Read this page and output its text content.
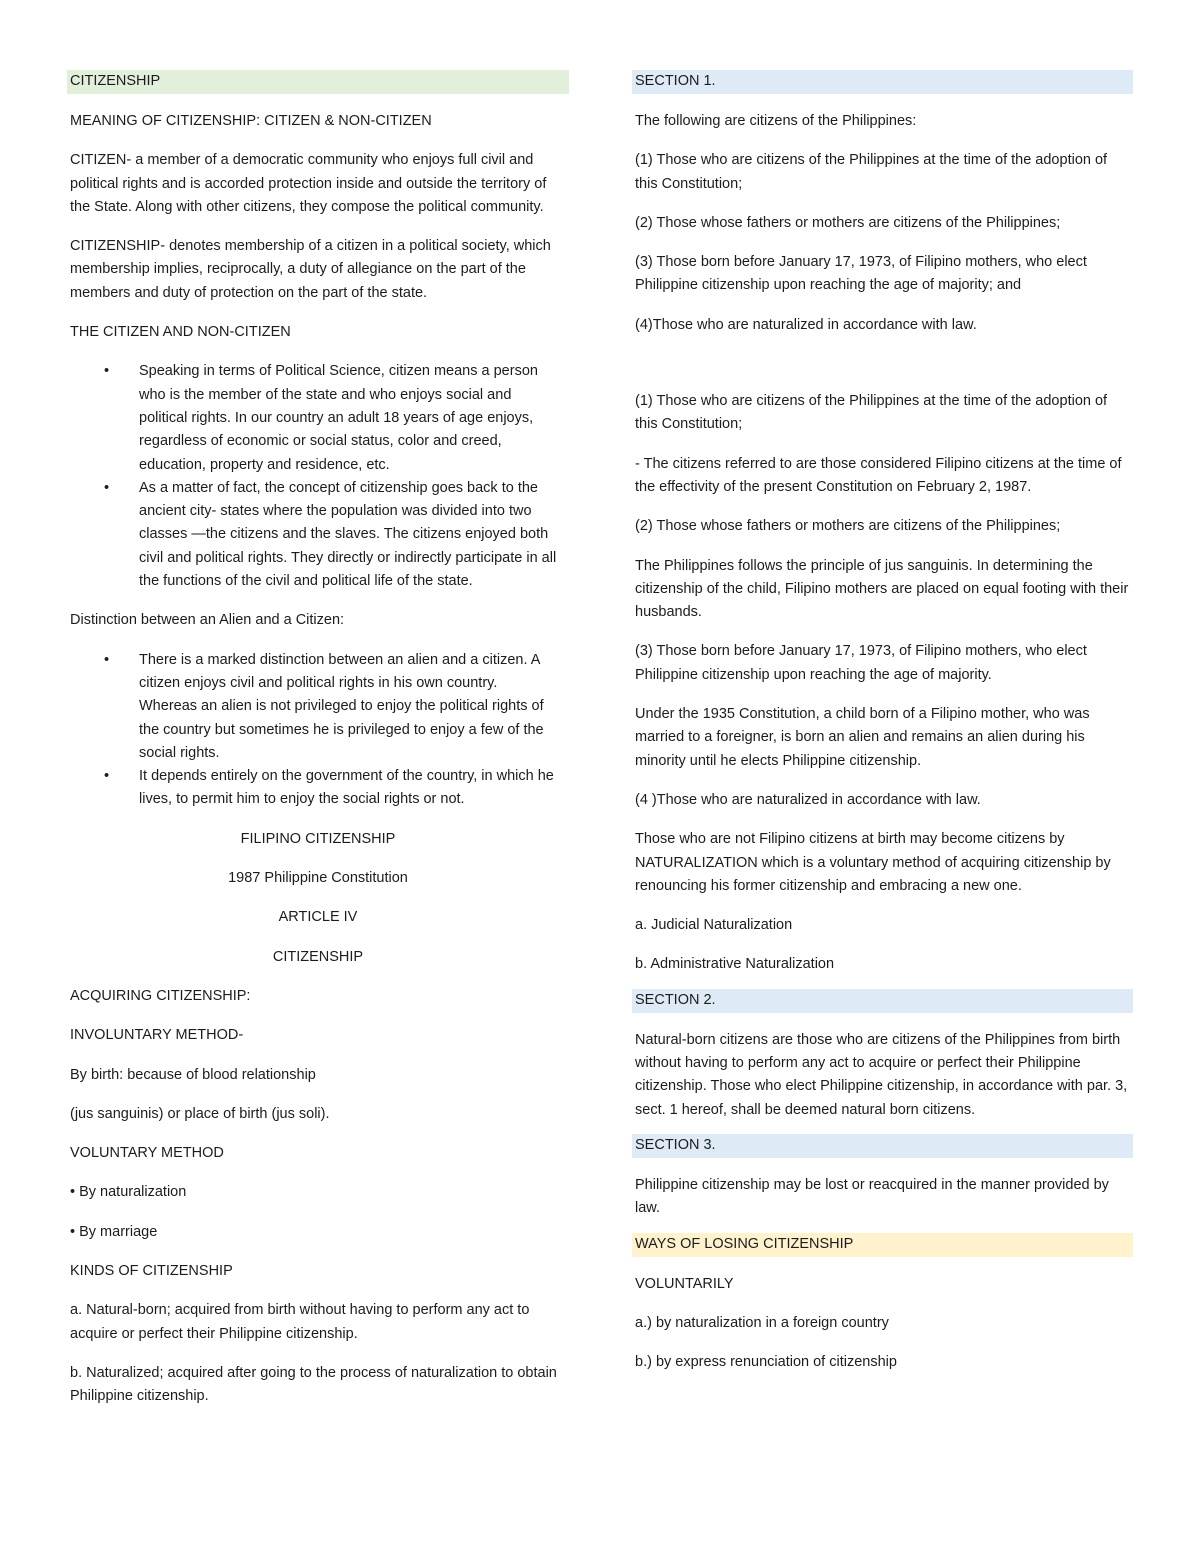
CITIZENSHIP

MEANING OF CITIZENSHIP: CITIZEN & NON-CITIZEN

CITIZEN- a member of a democratic community who enjoys full civil and political rights and is accorded protection inside and outside the territory of the State. Along with other citizens, they compose the political community.

CITIZENSHIP- denotes membership of a citizen in a political society, which membership implies, reciprocally, a duty of allegiance on the part of the members and duty of protection on the part of the state.

THE CITIZEN AND NON-CITIZEN

• Speaking in terms of Political Science, citizen means a person who is the member of the state and who enjoys social and political rights. In our country an adult 18 years of age enjoys, regardless of economic or social status, color and creed, education, property and residence, etc.
• As a matter of fact, the concept of citizenship goes back to the ancient city- states where the population was divided into two classes —the citizens and the slaves. The citizens enjoyed both civil and political rights. They directly or indirectly participate in all the functions of the civil and political life of the state.

Distinction between an Alien and a Citizen:

• There is a marked distinction between an alien and a citizen. A citizen enjoys civil and political rights in his own country. Whereas an alien is not privileged to enjoy the political rights of the country but sometimes he is privileged to enjoy a few of the social rights.
• It depends entirely on the government of the country, in which he lives, to permit him to enjoy the social rights or not.

FILIPINO CITIZENSHIP

1987 Philippine Constitution

ARTICLE IV

CITIZENSHIP

ACQUIRING CITIZENSHIP:

INVOLUNTARY METHOD-

By birth: because of blood relationship

(jus sanguinis) or place of birth (jus soli).

VOLUNTARY METHOD

• By naturalization

• By marriage

KINDS OF CITIZENSHIP

a. Natural-born; acquired from birth without having to perform any act to acquire or perfect their Philippine citizenship.

b. Naturalized; acquired after going to the process of naturalization to obtain Philippine citizenship.

SECTION 1.

The following are citizens of the Philippines:

(1) Those who are citizens of the Philippines at the time of the adoption of this Constitution;

(2) Those whose fathers or mothers are citizens of the Philippines;

(3) Those born before January 17, 1973, of Filipino mothers, who elect Philippine citizenship upon reaching the age of majority; and

(4)Those who are naturalized in accordance with law.

(1) Those who are citizens of the Philippines at the time of the adoption of this Constitution;

- The citizens referred to are those considered Filipino citizens at the time of the effectivity of the present Constitution on February 2, 1987.

(2) Those whose fathers or mothers are citizens of the Philippines;

The Philippines follows the principle of jus sanguinis. In determining the citizenship of the child, Filipino mothers are placed on equal footing with their husbands.

(3) Those born before January 17, 1973, of Filipino mothers, who elect Philippine citizenship upon reaching the age of majority.

Under the 1935 Constitution, a child born of a Filipino mother, who was married to a foreigner, is born an alien and remains an alien during his minority until he elects Philippine citizenship.

(4 )Those who are naturalized in accordance with law.

Those who are not Filipino citizens at birth may become citizens by NATURALIZATION which is a voluntary method of acquiring citizenship by renouncing his former citizenship and embracing a new one.

a. Judicial Naturalization

b. Administrative Naturalization

SECTION 2.

Natural-born citizens are those who are citizens of the Philippines from birth without having to perform any act to acquire or perfect their Philippine citizenship. Those who elect Philippine citizenship, in accordance with par. 3, sect. 1 hereof, shall be deemed natural born citizens.

SECTION 3.

Philippine citizenship may be lost or reacquired in the manner provided by law.

WAYS OF LOSING CITIZENSHIP

VOLUNTARILY

a.) by naturalization in a foreign country

b.) by express renunciation of citizenship
